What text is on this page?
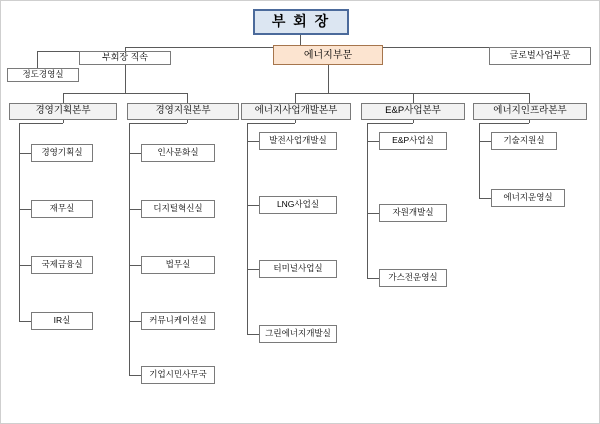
부 회 장
부회장 직속	에너지부문	글로벌사업부문
정도경영실
경영기획본부	경영지원본부	에너지사업개발본부	E&P사업본부	에너지인프라본부
경영기획실
재무실
국제금융실
IR실
인사문화실
디지털혁신실
법무실
커뮤니케이션실
기업시민사무국
발전사업개발실
LNG사업실
터미널사업실
그린에너지개발실
E&P사업실
자원개발실
가스전운영실
기술지원실
에너지운영실
